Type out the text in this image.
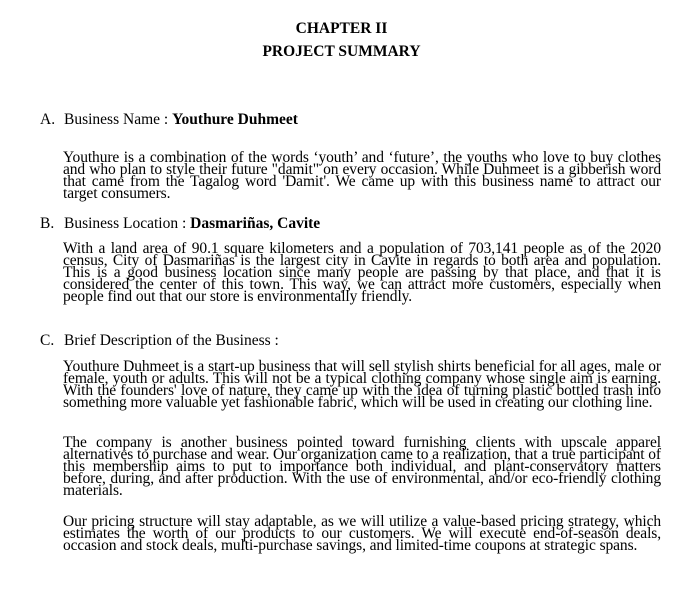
CHAPTER II
PROJECT SUMMARY
A. Business Name : Youthure Duhmeet
Youthure is a combination of the words ‘youth’ and ‘future’, the youths who love to buy clothes and who plan to style their future "damit" on every occasion. While Duhmeet is a gibberish word that came from the Tagalog word 'Damit'. We came up with this business name to attract our target consumers.
B. Business Location : Dasmariñas, Cavite
With a land area of 90.1 square kilometers and a population of 703,141 people as of the 2020 census, City of Dasmariñas is the largest city in Cavite in regards to both area and population. This is a good business location since many people are passing by that place, and that it is considered the center of this town. This way, we can attract more customers, especially when people find out that our store is environmentally friendly.
C. Brief Description of the Business :
Youthure Duhmeet is a start-up business that will sell stylish shirts beneficial for all ages, male or female, youth or adults. This will not be a typical clothing company whose single aim is earning. With the founders' love of nature, they came up with the idea of turning plastic bottled trash into something more valuable yet fashionable fabric, which will be used in creating our clothing line.
The company is another business pointed toward furnishing clients with upscale apparel alternatives to purchase and wear. Our organization came to a realization, that a true participant of this membership aims to put to importance both individual, and plant-conservatory matters before, during, and after production. With the use of environmental, and/or eco-friendly clothing materials.
Our pricing structure will stay adaptable, as we will utilize a value-based pricing strategy, which estimates the worth of our products to our customers. We will execute end-of-season deals, occasion and stock deals, multi-purchase savings, and limited-time coupons at strategic spans.
